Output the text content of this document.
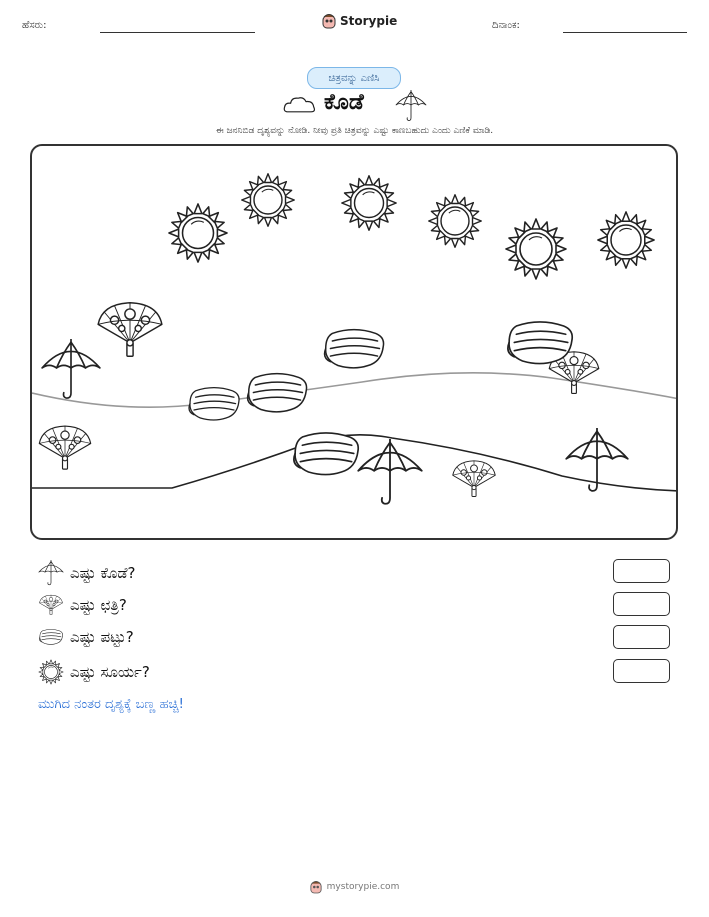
ಹೆಸರು:	Storypie	ದಿನಾಂಕ:
ಚಿತ್ರವನ್ನು ಎಣಿಸಿ
ಕೊಡೆ
ಈ ಜನನಿಬಿಡ ದೃಶ್ಯವನ್ನು ನೋಡಿ. ನೀವು ಪ್ರತಿ ಚಿತ್ರವನ್ನು ಎಷ್ಟು ಕಾಣಬಹುದು ಎಂದು ಎಣಿಕೆ ಮಾಡಿ.
ಎಷ್ಟು ಕೊಡೆ?
ಎಷ್ಟು ಛತ್ರಿ?
ಎಷ್ಟು ಪಟ್ಟು?
ಎಷ್ಟು ಸೂರ್ಯ?
ಮುಗಿದ ನಂತರ ದೃಶ್ಯಕ್ಕೆ ಬಣ್ಣ ಹಚ್ಚಿ!
mystorypie.com
